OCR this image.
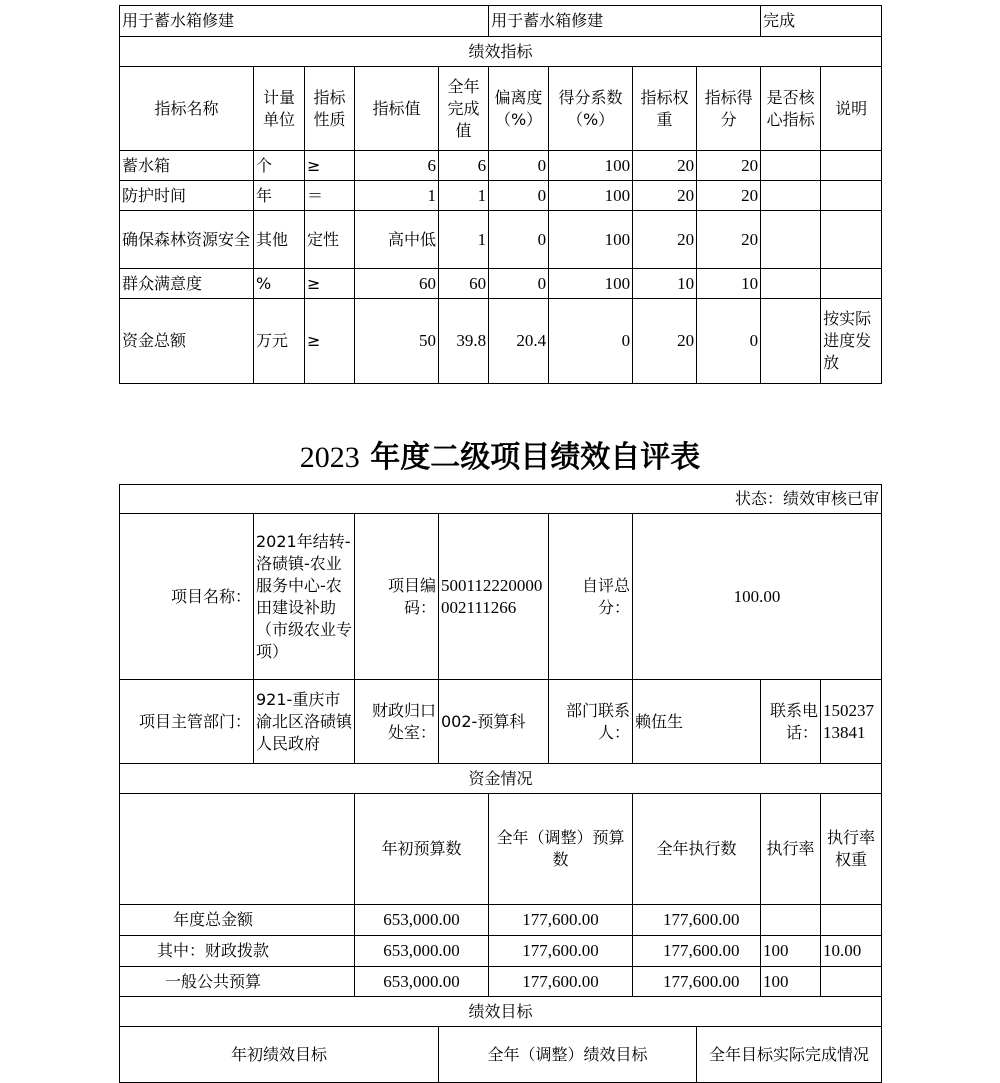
用于蓄水箱修建					用于蓄水箱修建				完成	
绩效指标										
指标名称	计量单位	指标性质	指标值	全年完成值	偏离度（%）	得分系数（%）	指标权重	指标得分	是否核心指标	说明
蓄水箱	个	≥	6	6	0	100	20	20		
防护时间	年	＝	1	1	0	100	20	20		
确保森林资源安全	其他	定性	高中低	1	0	100	20	20		
群众满意度	%	≥	60	60	0	100	10	10		
资金总额	万元	≥	50	39.8	20.4	0	20	0		按实际进度发放
2023 年度二级项目绩效自评表
状态：绩效审核已审										
项目名称：	2021年结转-洛碛镇-农业服务中心-农田建设补助（市级农业专项）	项目编码：	500112220000002111266		自评总分：	100.00				
项目主管部门：	921-重庆市渝北区洛碛镇人民政府	财政归口处室：	002-预算科		部门联系人：	赖伍生		联系电话：	15023713841	
资金情况										
		年初预算数		全年（调整）预算数		全年执行数		执行率	执行率权重	
年度总金额		653,000.00		177,600.00		177,600.00				
其中：财政拨款		653,000.00		177,600.00		177,600.00		100	10.00	
一般公共预算		653,000.00		177,600.00		177,600.00		100		
绩效目标										
年初绩效目标			全年（调整）绩效目标				全年目标实际完成情况			
